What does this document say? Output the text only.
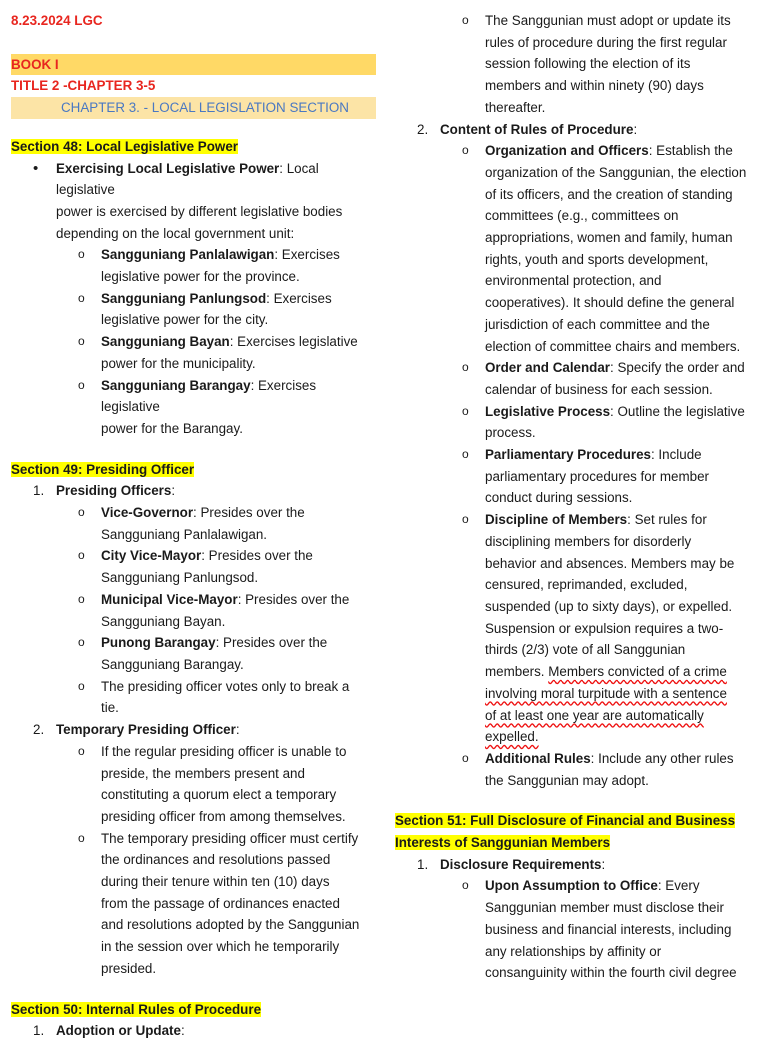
8.23.2024 LGC

BOOK I

TITLE 2 -CHAPTER 3-5

CHAPTER 3. - LOCAL LEGISLATION SECTION

Section 48: Local Legislative Power

•	Exercising Local Legislative Power: Local legislative
power is exercised by different legislative bodies
depending on the local government unit:
o	Sangguniang Panlalawigan: Exercises
legislative power for the province.
o	Sangguniang Panlungsod: Exercises
legislative power for the city.
o	Sangguniang Bayan: Exercises legislative
power for the municipality.
o	Sangguniang Barangay: Exercises legislative
power for the Barangay.

Section 49: Presiding Officer

1. Presiding Officers:
o	Vice-Governor: Presides over the
Sangguniang Panlalawigan.
o	City Vice-Mayor: Presides over the
Sangguniang Panlungsod.
o	Municipal Vice-Mayor: Presides over the
Sangguniang Bayan.
o	Punong Barangay: Presides over the
Sangguniang Barangay.
o	The presiding officer votes only to break a
tie.
2. Temporary Presiding Officer:
o	If the regular presiding officer is unable to
preside, the members present and
constituting a quorum elect a temporary
presiding officer from among themselves.
o	The temporary presiding officer must certify
the ordinances and resolutions passed
during their tenure within ten (10) days
from the passage of ordinances enacted
and resolutions adopted by the Sanggunian
in the session over which he temporarily
presided.

Section 50: Internal Rules of Procedure

1. Adoption or Update:
o	The Sanggunian must adopt or update its
rules of procedure during the first regular
session following the election of its
members and within ninety (90) days
thereafter.
2. Content of Rules of Procedure:
o	Organization and Officers: Establish the
organization of the Sanggunian, the election
of its officers, and the creation of standing
committees (e.g., committees on
appropriations, women and family, human
rights, youth and sports development,
environmental protection, and
cooperatives). It should define the general
jurisdiction of each committee and the
election of committee chairs and members.
o	Order and Calendar: Specify the order and
calendar of business for each session.
o	Legislative Process: Outline the legislative
process.
o	Parliamentary Procedures: Include
parliamentary procedures for member
conduct during sessions.
o	Discipline of Members: Set rules for
disciplining members for disorderly
behavior and absences. Members may be
censured, reprimanded, excluded,
suspended (up to sixty days), or expelled.
Suspension or expulsion requires a two-
thirds (2/3) vote of all Sanggunian
members. Members convicted of a crime
involving moral turpitude with a sentence
of at least one year are automatically
expelled.
o	Additional Rules: Include any other rules
the Sanggunian may adopt.

Section 51: Full Disclosure of Financial and Business
Interests of Sanggunian Members

1. Disclosure Requirements:
o	Upon Assumption to Office: Every
Sanggunian member must disclose their
business and financial interests, including
any relationships by affinity or
consanguinity within the fourth civil degree
